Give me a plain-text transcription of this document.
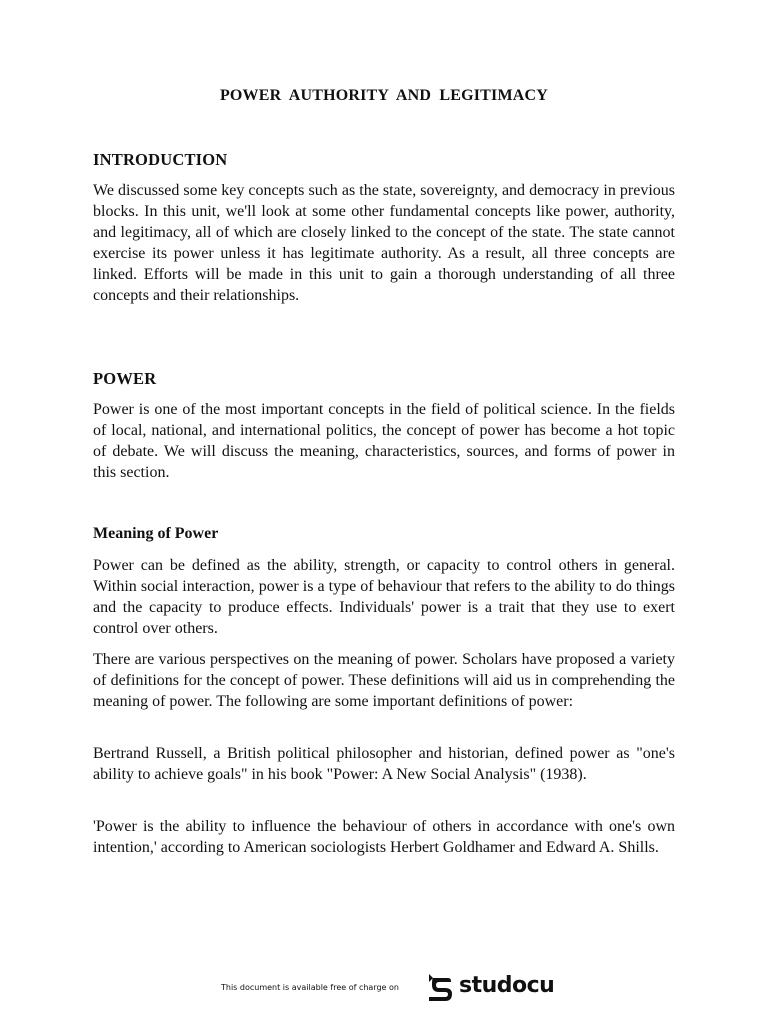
POWER AUTHORITY AND LEGITIMACY
INTRODUCTION

We discussed some key concepts such as the state, sovereignty, and democracy in previous blocks. In this unit, we'll look at some other fundamental concepts like power, authority, and legitimacy, all of which are closely linked to the concept of the state. The state cannot exercise its power unless it has legitimate authority. As a result, all three concepts are linked. Efforts will be made in this unit to gain a thorough understanding of all three concepts and their relationships.

POWER

Power is one of the most important concepts in the field of political science. In the fields of local, national, and international politics, the concept of power has become a hot topic of debate. We will discuss the meaning, characteristics, sources, and forms of power in this section.

Meaning of Power

Power can be defined as the ability, strength, or capacity to control others in general. Within social interaction, power is a type of behaviour that refers to the ability to do things and the capacity to produce effects. Individuals' power is a trait that they use to exert control over others.

There are various perspectives on the meaning of power. Scholars have proposed a variety of definitions for the concept of power. These definitions will aid us in comprehending the meaning of power. The following are some important definitions of power:

Bertrand Russell, a British political philosopher and historian, defined power as "one's ability to achieve goals" in his book "Power: A New Social Analysis" (1938).

'Power is the ability to influence the behaviour of others in accordance with one's own intention,' according to American sociologists Herbert Goldhamer and Edward A. Shills.

This document is available free of charge on	studocu
